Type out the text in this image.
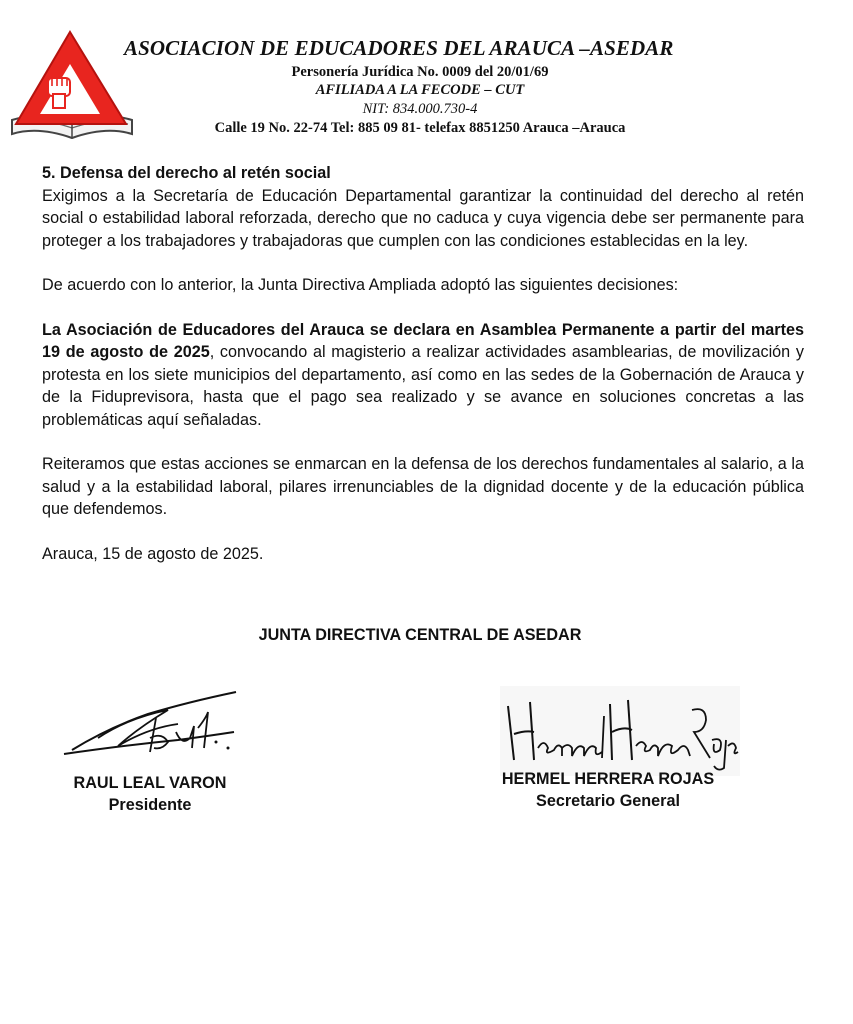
ASOCIACION DE EDUCADORES DEL ARAUCA –ASEDAR
Personería Jurídica No. 0009 del 20/01/69
AFILIADA A LA FECODE – CUT
NIT: 834.000.730-4
Calle 19 No. 22-74 Tel: 885 09 81- telefax 8851250 Arauca –Arauca

5. Defensa del derecho al retén social

Exigimos a la Secretaría de Educación Departamental garantizar la continuidad del derecho al retén social o estabilidad laboral reforzada, derecho que no caduca y cuya vigencia debe ser permanente para proteger a los trabajadores y trabajadoras que cumplen con las condiciones establecidas en la ley.

De acuerdo con lo anterior, la Junta Directiva Ampliada adoptó las siguientes decisiones:

La Asociación de Educadores del Arauca se declara en Asamblea Permanente a partir del martes 19 de agosto de 2025, convocando al magisterio a realizar actividades asamblearias, de movilización y protesta en los siete municipios del departamento, así como en las sedes de la Gobernación de Arauca y de la Fiduprevisora, hasta que el pago sea realizado y se avance en soluciones concretas a las problemáticas aquí señaladas.

Reiteramos que estas acciones se enmarcan en la defensa de los derechos fundamentales al salario, a la salud y a la estabilidad laboral, pilares irrenunciables de la dignidad docente y de la educación pública que defendemos.

Arauca, 15 de agosto de 2025.

JUNTA DIRECTIVA CENTRAL DE ASEDAR
RAUL LEAL VARON
Presidente
HERMEL HERRERA ROJAS
Secretario General
